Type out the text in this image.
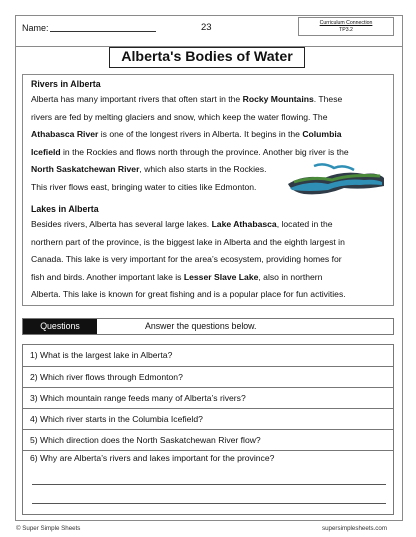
Name:	23	Curriculum Connection
TP3.2
Alberta's Bodies of Water
Rivers in Alberta
Alberta has many important rivers that often start in the Rocky Mountains. These
rivers are fed by melting glaciers and snow, which keep the water flowing. The
Athabasca River is one of the longest rivers in Alberta. It begins in the Columbia
Icefield in the Rockies and flows north through the province. Another big river is the
North Saskatchewan River, which also starts in the Rockies.
This river flows east, bringing water to cities like Edmonton.
Lakes in Alberta
Besides rivers, Alberta has several large lakes. Lake Athabasca, located in the
northern part of the province, is the biggest lake in Alberta and the eighth largest in
Canada. This lake is very important for the area’s ecosystem, providing homes for
fish and birds. Another important lake is Lesser Slave Lake, also in northern
Alberta. This lake is known for great fishing and is a popular place for fun activities.
Questions	Answer the questions below.
1) What is the largest lake in Alberta?
2) Which river flows through Edmonton?
3) Which mountain range feeds many of Alberta’s rivers?
4) Which river starts in the Columbia Icefield?
5) Which direction does the North Saskatchewan River flow?
6) Why are Alberta’s rivers and lakes important for the province?
© Super Simple Sheets	supersimplesheets.com
